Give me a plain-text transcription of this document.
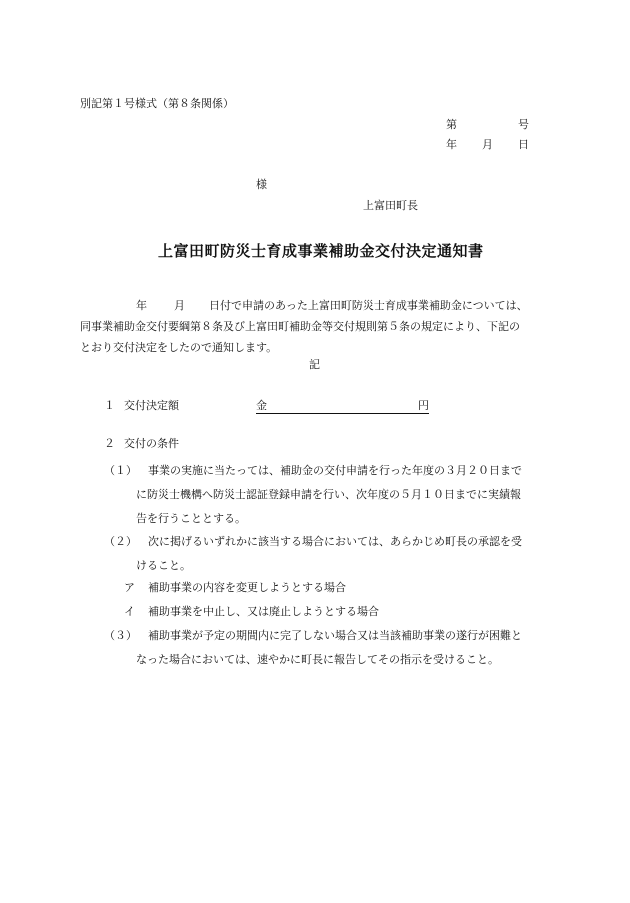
別記第１号様式（第８条関係）
第	号
年 月 日
様
上富田町長
上富田町防災士育成事業補助金交付決定通知書
年 月 日付で申請のあった上富田町防災士育成事業補助金については、
同事業補助金交付要綱第８条及び上富田町補助金等交付規則第５条の規定により、下記の
とおり交付決定をしたので通知します。
記
１ 交付決定額	金	円
２ 交付の条件
（１） 事業の実施に当たっては、補助金の交付申請を行った年度の３月２０日まで
に防災士機構へ防災士認証登録申請を行い、次年度の５月１０日までに実績報
告を行うこととする。
（２） 次に掲げるいずれかに該当する場合においては、あらかじめ町長の承認を受
けること。
ア 補助事業の内容を変更しようとする場合
イ 補助事業を中止し、又は廃止しようとする場合
（３） 補助事業が予定の期間内に完了しない場合又は当該補助事業の遂行が困難と
なった場合においては、速やかに町長に報告してその指示を受けること。
